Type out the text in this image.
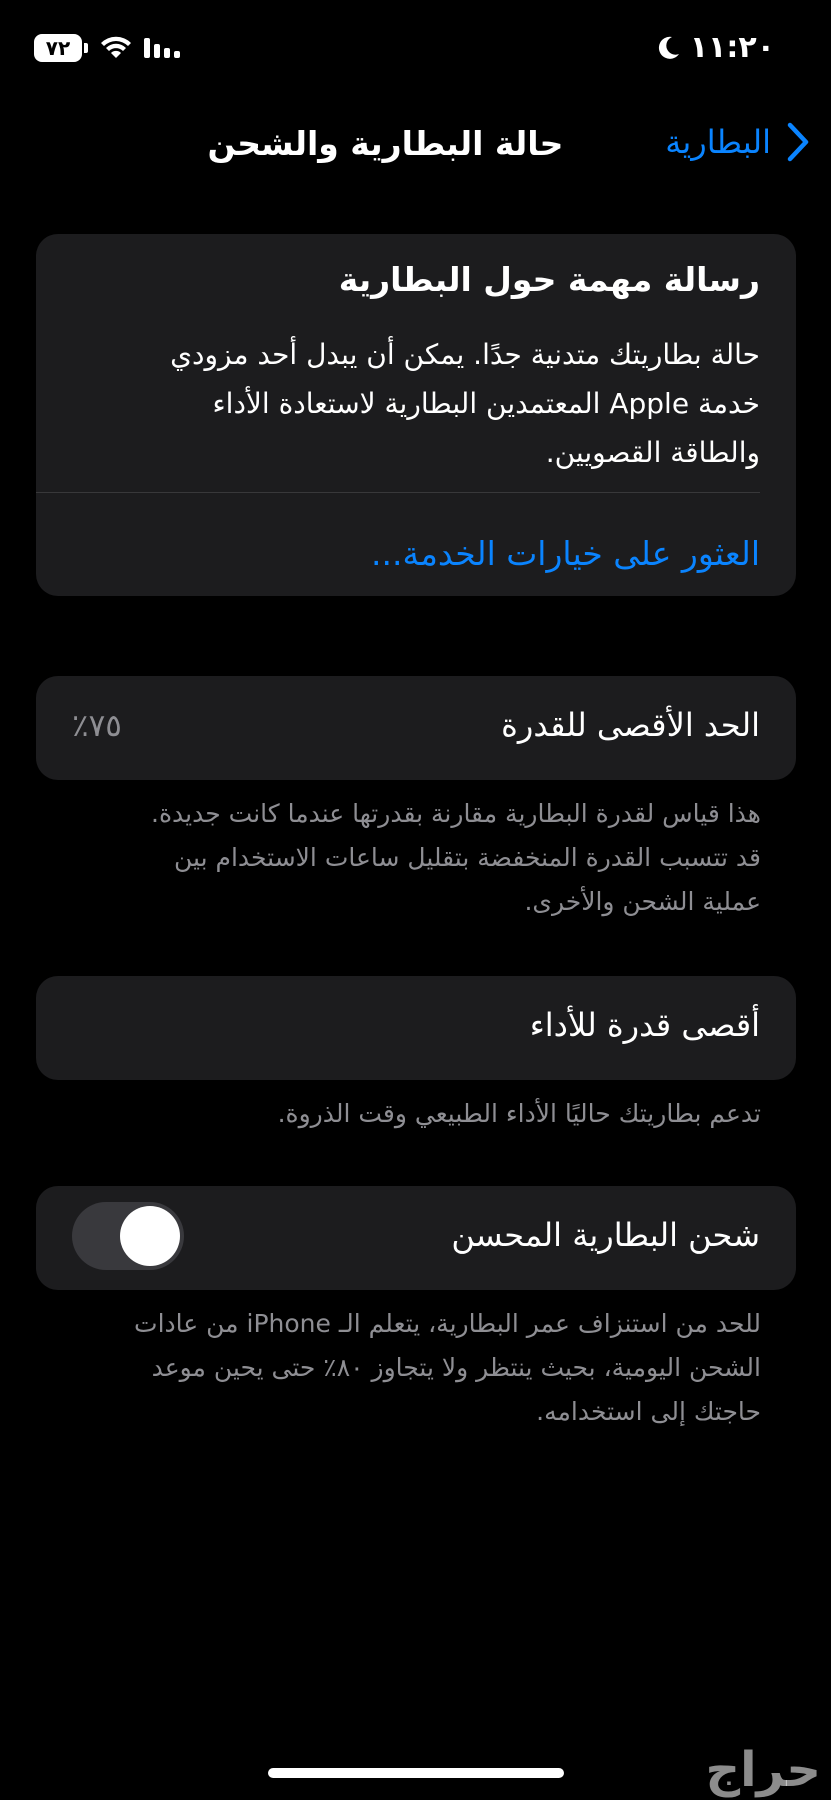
٧٢	١١:٢٠
البطارية
حالة البطارية والشحن
رسالة مهمة حول البطارية
حالة بطاريتك متدنية جدًا. يمكن أن يبدل أحد مزودي
خدمة Apple المعتمدين البطارية لاستعادة الأداء
والطاقة القصويين.
العثور على خيارات الخدمة...
الحد الأقصى للقدرة
٪٧٥
هذا قياس لقدرة البطارية مقارنة بقدرتها عندما كانت جديدة.
قد تتسبب القدرة المنخفضة بتقليل ساعات الاستخدام بين
عملية الشحن والأخرى.
أقصى قدرة للأداء
تدعم بطاريتك حاليًا الأداء الطبيعي وقت الذروة.
شحن البطارية المحسن
للحد من استنزاف عمر البطارية، يتعلم الـ iPhone من عادات
الشحن اليومية، بحيث ينتظر ولا يتجاوز ٨٠٪ حتى يحين موعد
حاجتك إلى استخدامه.
حراج
